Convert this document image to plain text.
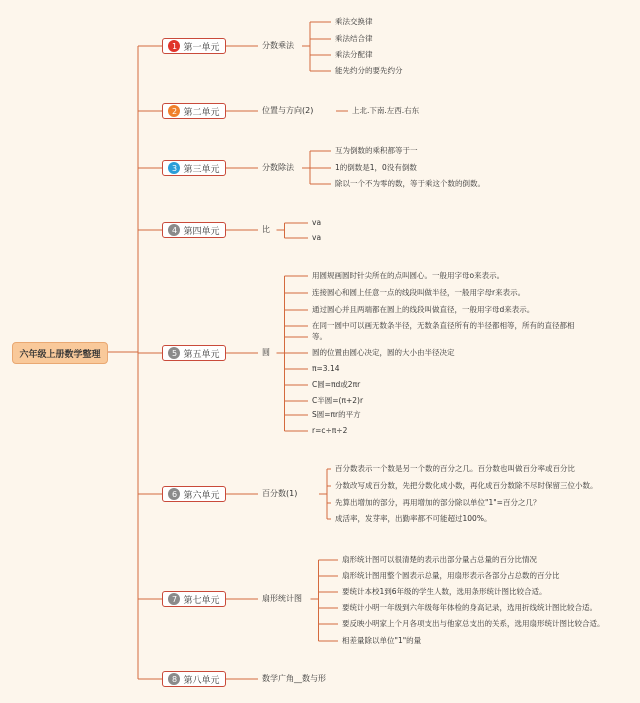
六年级上册数学整理
1 第一单元	分数乘法
乘法交换律
乘法结合律
乘法分配律
能先约分的要先约分
2 第二单元	位置与方向(2)	上北.下南.左西.右东
3 第三单元	分数除法
互为倒数的乘积都等于一
1的倒数是1，0没有倒数
除以一个不为零的数，等于乘这个数的倒数。
4 第四单元	比
va
va
5 第五单元	圆
用圆规画圆时针尖所在的点叫圆心。一般用字母o来表示。
连接圆心和圆上任意一点的线段叫做半径，一般用字母r来表示。
通过圆心并且两端都在圆上的线段叫做直径，一般用字母d来表示。
在同一圆中可以画无数条半径，无数条直径所有的半径都相等，所有的直径都相
等。
圆的位置由圆心决定，圆的大小由半径决定
π=3.14
C圆=πd或2πr
C半圆=(π+2)r
S圆=πr的平方
r=c÷π÷2
6 第六单元	百分数(1)
百分数表示一个数是另一个数的百分之几。百分数也叫做百分率或百分比
分数改写成百分数，先把分数化成小数，再化成百分数除不尽时保留三位小数。
先算出增加的部分，再用增加的部分除以单位"1"=百分之几？
成活率，发芽率，出勤率都不可能超过100%。
7 第七单元	扇形统计图
扇形统计图可以很清楚的表示出部分量占总量的百分比情况
扇形统计图用整个圆表示总量，用扇形表示各部分占总数的百分比
要统计本校1到6年级的学生人数，选用条形统计图比较合适。
要统计小明一年级到六年级每年体检的身高记录，选用折线统计图比较合适。
要反映小明家上个月各项支出与他家总支出的关系，选用扇形统计图比较合适。
相差量除以单位"1"的量
8 第八单元	数学广角__数与形
